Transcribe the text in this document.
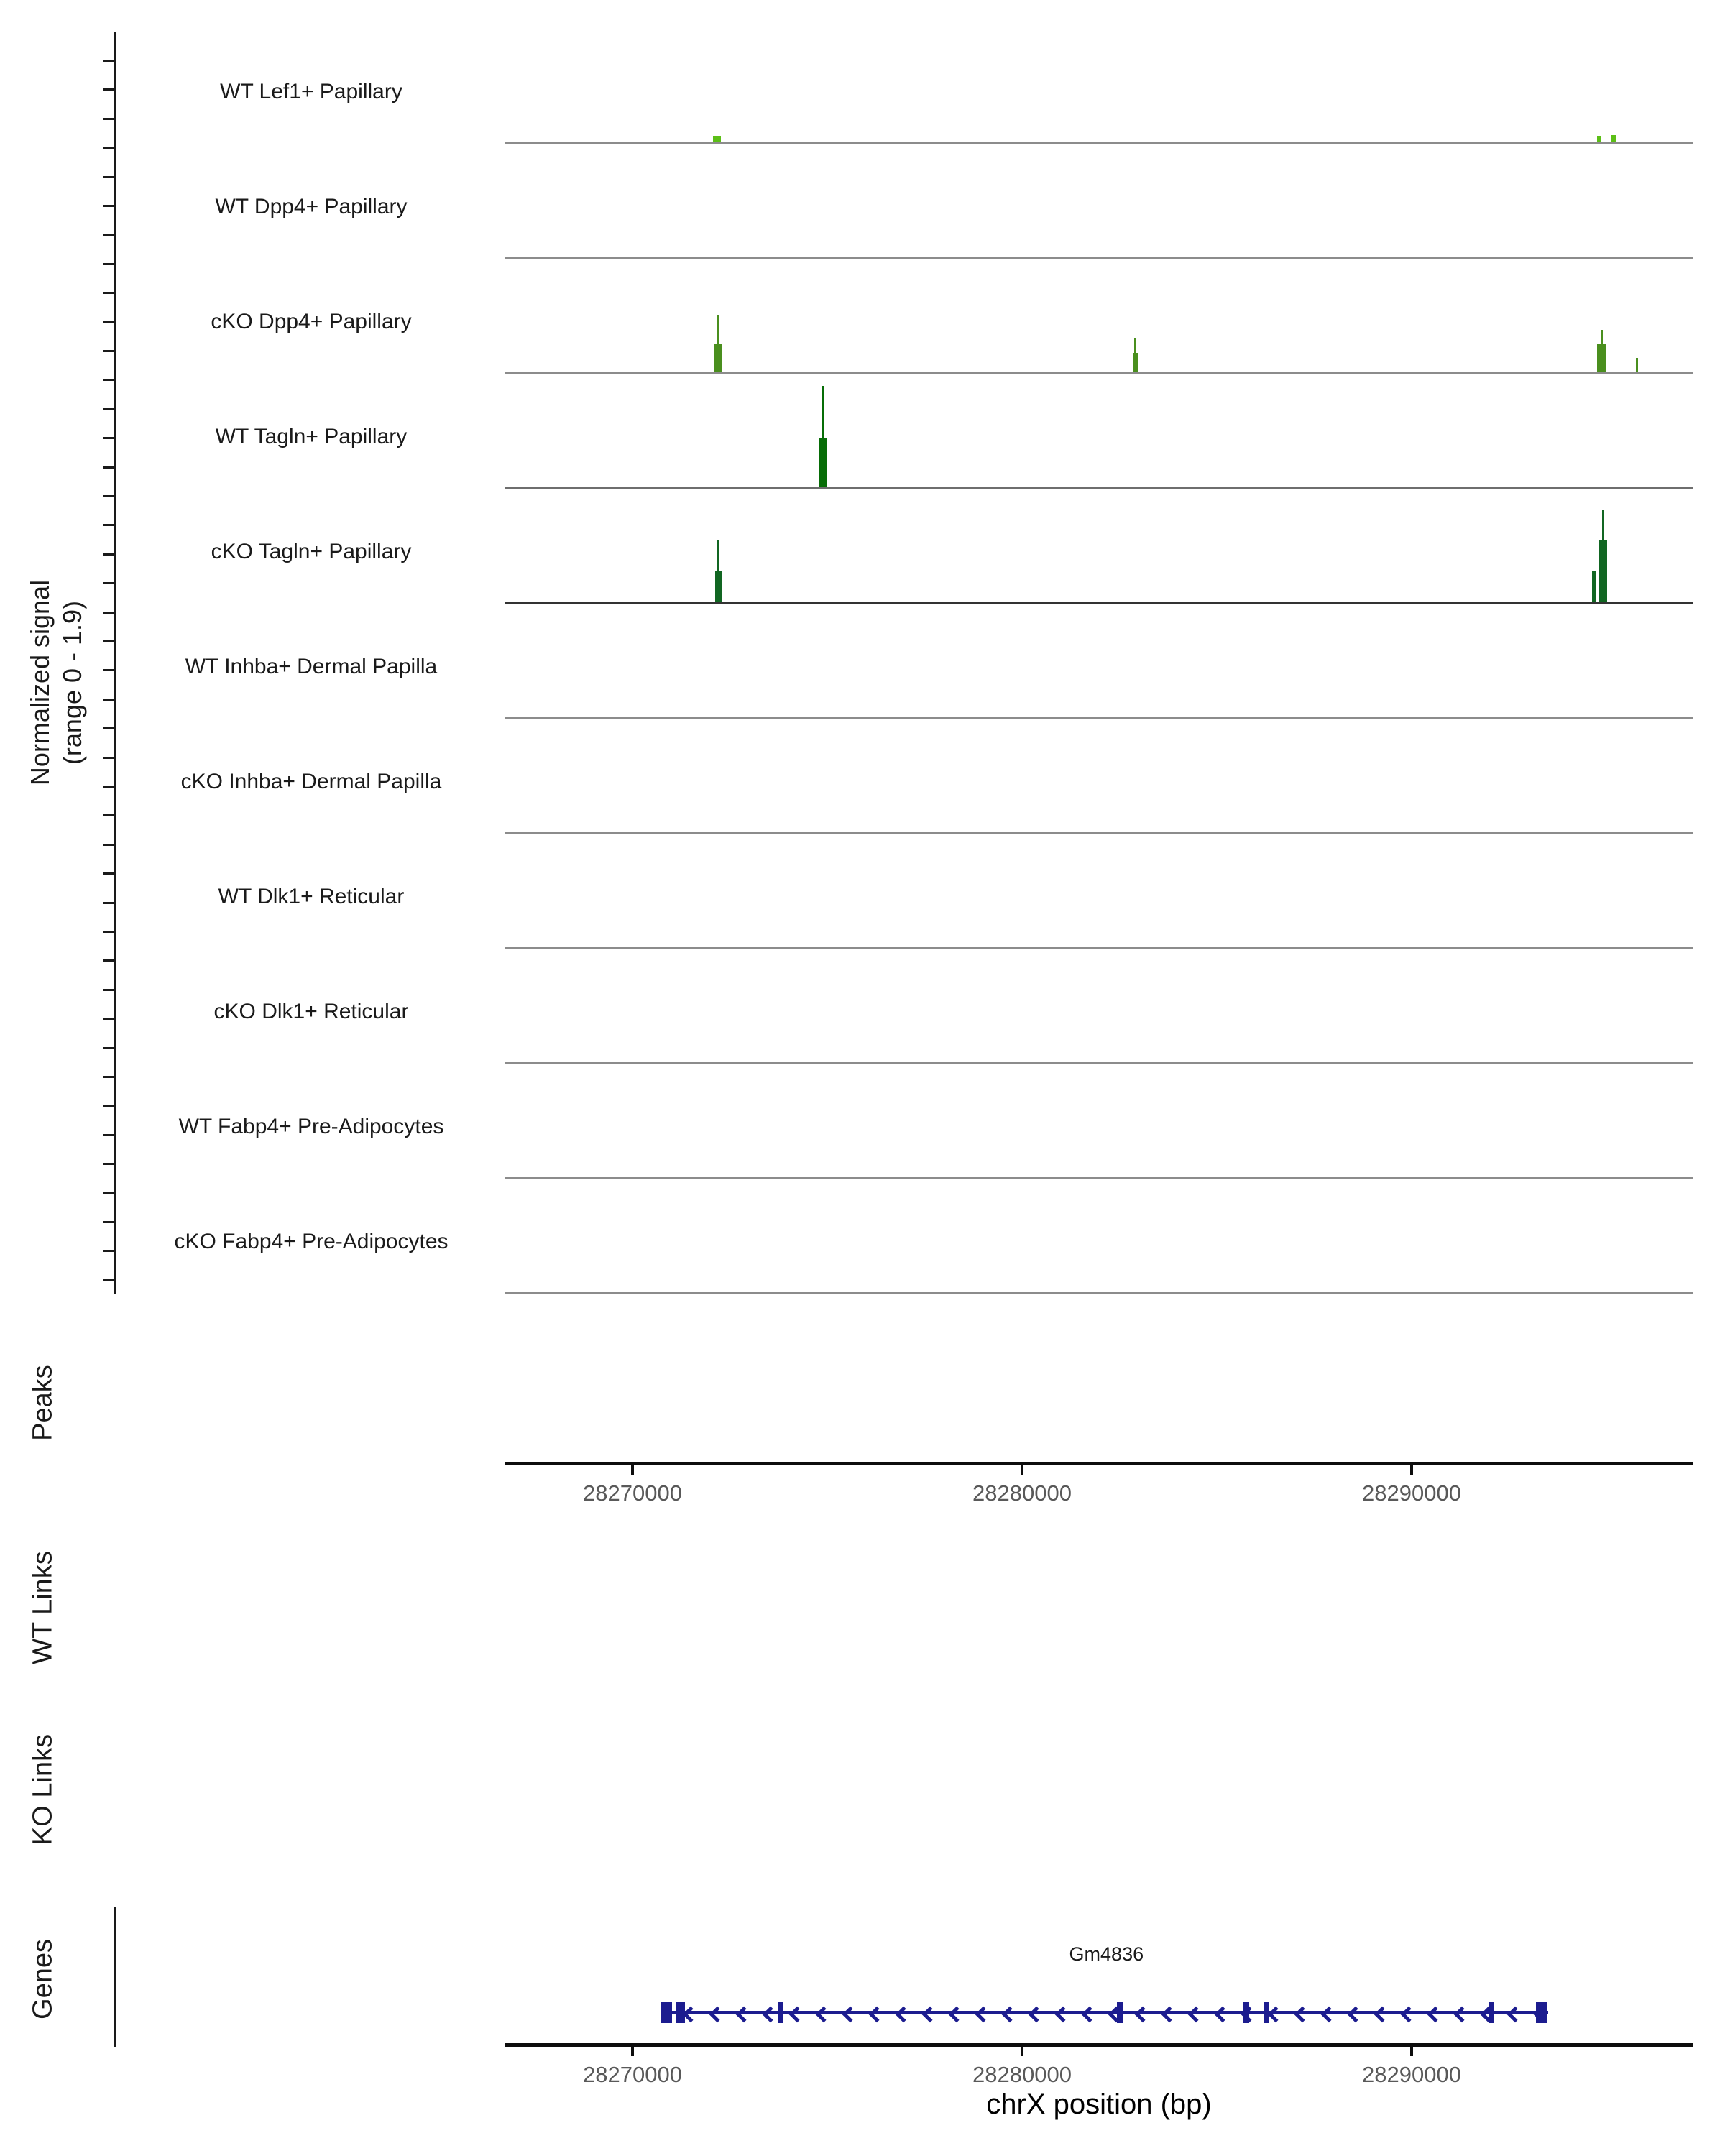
Normalized signal (range 0 - 1.9)
WT Lef1+ Papillary
WT Dpp4+ Papillary
cKO Dpp4+ Papillary
WT Tagln+ Papillary
cKO Tagln+ Papillary
WT Inhba+ Dermal Papilla
cKO Inhba+ Dermal Papilla
WT Dlk1+ Reticular
cKO Dlk1+ Reticular
WT Fabp4+ Pre-Adipocytes
cKO Fabp4+ Pre-Adipocytes
Peaks
28270000	28280000	28290000
WT Links
KO Links
Genes	Gm4836
28270000	28280000	28290000
chrX position (bp)
